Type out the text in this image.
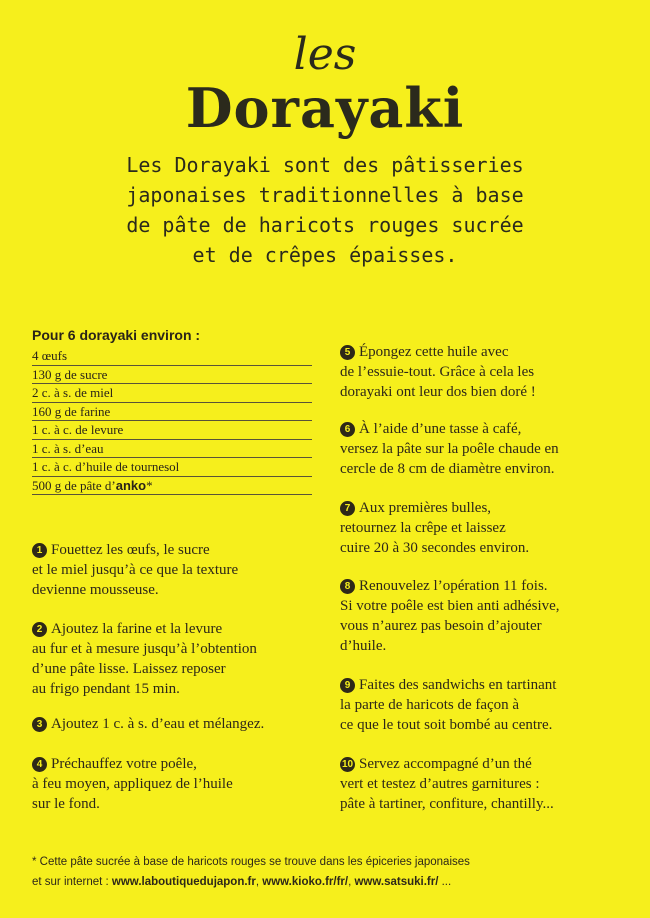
les
Dorayaki
Les Dorayaki sont des pâtisseries
japonaises traditionnelles à base
de pâte de haricots rouges sucrée
et de crêpes épaisses.
Pour 6 dorayaki environ :
4 œufs
130 g de sucre
2 c. à s. de miel
160 g de farine
1 c. à c. de levure
1 c. à s. d’eau
1 c. à c. d’huile de tournesol
500 g de pâte d’anko*
1 Fouettez les œufs, le sucre
et le miel jusqu’à ce que la texture
devienne mousseuse.
2 Ajoutez la farine et la levure
au fur et à mesure jusqu’à l’obtention
d’une pâte lisse. Laissez reposer
au frigo pendant 15 min.
3 Ajoutez 1 c. à s. d’eau et mélangez.
4 Préchauffez votre poêle,
à feu moyen, appliquez de l’huile
sur le fond.
5 Épongez cette huile avec
de l’essuie-tout. Grâce à cela les
dorayaki ont leur dos bien doré !
6 À l’aide d’une tasse à café,
versez la pâte sur la poêle chaude en
cercle de 8 cm de diamètre environ.
7 Aux premières bulles,
retournez la crêpe et laissez
cuire 20 à 30 secondes environ.
8 Renouvelez l’opération 11 fois.
Si votre poêle est bien anti adhésive,
vous n’aurez pas besoin d’ajouter
d’huile.
9 Faites des sandwichs en tartinant
la parte de haricots de façon à
ce que le tout soit bombé au centre.
10 Servez accompagné d’un thé
vert et testez d’autres garnitures :
pâte à tartiner, confiture, chantilly...
* Cette pâte sucrée à base de haricots rouges se trouve dans les épiceries japonaises
et sur internet : www.laboutiquedujapon.fr, www.kioko.fr/fr/, www.satsuki.fr/ ...
